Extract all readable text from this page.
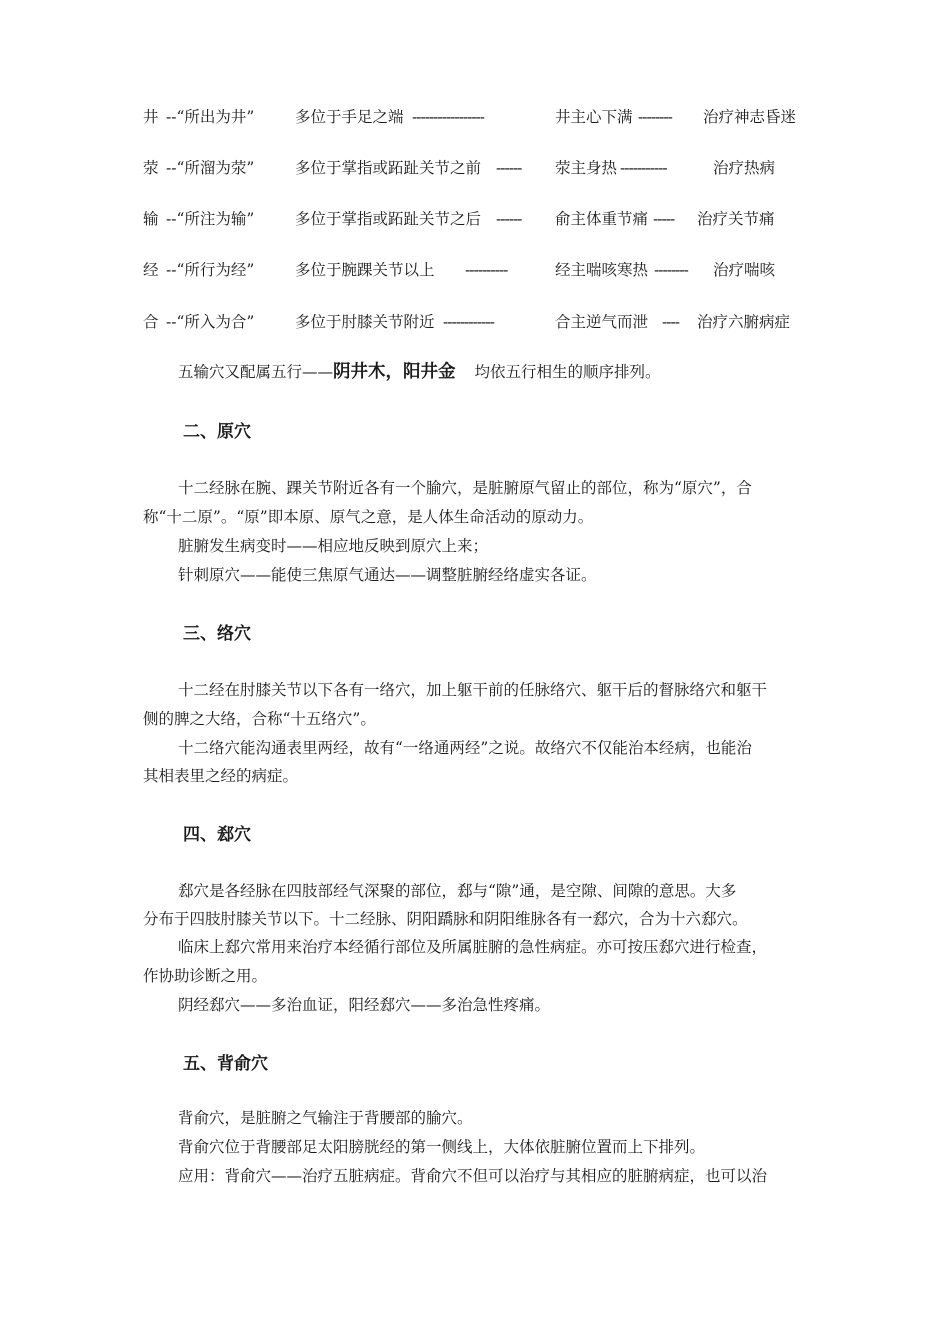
井 --“所出为井”	多位于手足之端 -----------------	井主心下满 -------- 治疗神志昏迷
荥 --“所溜为荥”	多位于掌指或跖趾关节之前 ------ 荥主身热 -----------	治疗热病
输 --“所注为输”	多位于掌指或跖趾关节之后 ------ 俞主体重节痛 ----- 治疗关节痛
经 --“所行为经”	多位于腕踝关节以上 ----------	经主喘咳寒热 -------- 治疗喘咳
合 --“所入为合”	多位于肘膝关节附近 ------------	合主逆气而泄 ---- 治疗六腑病症
五输穴又配属五行——阴井木，阳井金 均依五行相生的顺序排列。
二、原穴
十二经脉在腕、踝关节附近各有一个腧穴，是脏腑原气留止的部位，称为“原穴”，合
称“十二原”。“原”即本原、原气之意，是人体生命活动的原动力。
脏腑发生病变时——相应地反映到原穴上来；
针刺原穴——能使三焦原气通达——调整脏腑经络虚实各证。
三、络穴
十二经在肘膝关节以下各有一络穴，加上躯干前的任脉络穴、躯干后的督脉络穴和躯干
侧的脾之大络，合称“十五络穴”。
十二络穴能沟通表里两经，故有“一络通两经”之说。故络穴不仅能治本经病，也能治
其相表里之经的病症。
四、郄穴
郄穴是各经脉在四肢部经气深聚的部位，郄与“隙”通，是空隙、间隙的意思。大多
分布于四肢肘膝关节以下。十二经脉、阴阳蹻脉和阴阳维脉各有一郄穴，合为十六郄穴。
临床上郄穴常用来治疗本经循行部位及所属脏腑的急性病症。亦可按压郄穴进行检查，
作协助诊断之用。
阴经郄穴——多治血证，阳经郄穴——多治急性疼痛。
五、背俞穴
背俞穴，是脏腑之气输注于背腰部的腧穴。
背俞穴位于背腰部足太阳膀胱经的第一侧线上，大体依脏腑位置而上下排列。
应用：背俞穴——治疗五脏病症。背俞穴不但可以治疗与其相应的脏腑病症，也可以治
